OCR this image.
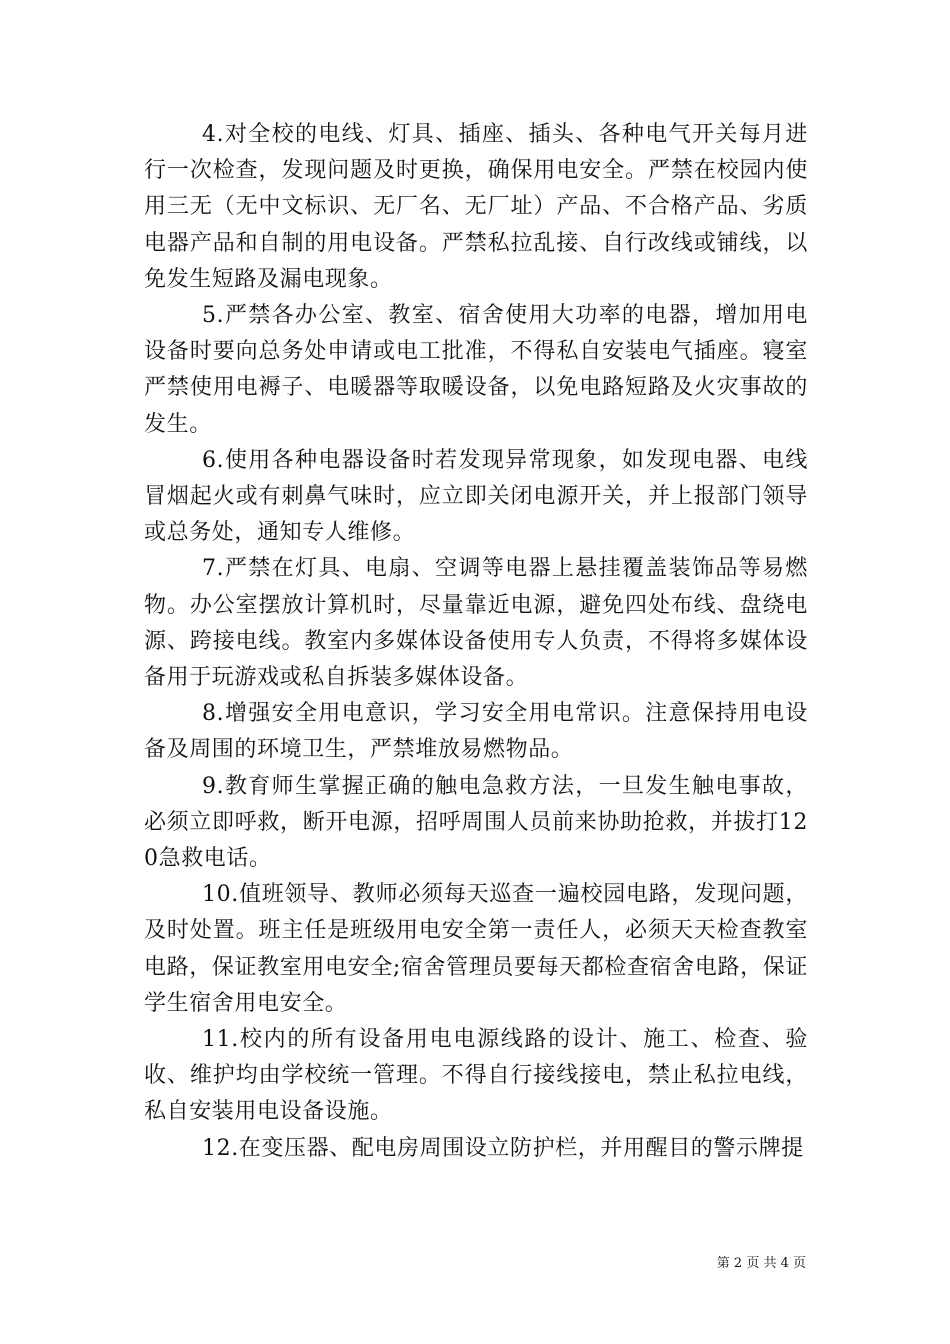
4.对全校的电线、灯具、插座、插头、各种电气开关每月进行一次检查，发现问题及时更换，确保用电安全。严禁在校园内使用三无（无中文标识、无厂名、无厂址）产品、不合格产品、劣质电器产品和自制的用电设备。严禁私拉乱接、自行改线或铺线，以免发生短路及漏电现象。

5.严禁各办公室、教室、宿舍使用大功率的电器，增加用电设备时要向总务处申请或电工批准，不得私自安装电气插座。寝室严禁使用电褥子、电暖器等取暖设备，以免电路短路及火灾事故的发生。

6.使用各种电器设备时若发现异常现象，如发现电器、电线冒烟起火或有刺鼻气味时，应立即关闭电源开关，并上报部门领导或总务处，通知专人维修。

7.严禁在灯具、电扇、空调等电器上悬挂覆盖装饰品等易燃物。办公室摆放计算机时，尽量靠近电源，避免四处布线、盘绕电源、跨接电线。教室内多媒体设备使用专人负责，不得将多媒体设备用于玩游戏或私自拆装多媒体设备。

8.增强安全用电意识，学习安全用电常识。注意保持用电设备及周围的环境卫生，严禁堆放易燃物品。

9.教育师生掌握正确的触电急救方法，一旦发生触电事故，必须立即呼救，断开电源，招呼周围人员前来协助抢救，并拔打120急救电话。

10.值班领导、教师必须每天巡查一遍校园电路，发现问题，及时处置。班主任是班级用电安全第一责任人，必须天天检查教室电路，保证教室用电安全;宿舍管理员要每天都检查宿舍电路，保证学生宿舍用电安全。

11.校内的所有设备用电电源线路的设计、施工、检查、验收、维护均由学校统一管理。不得自行接线接电，禁止私拉电线，私自安装用电设备设施。

12.在变压器、配电房周围设立防护栏，并用醒目的警示牌提

第 2 页 共 4 页
